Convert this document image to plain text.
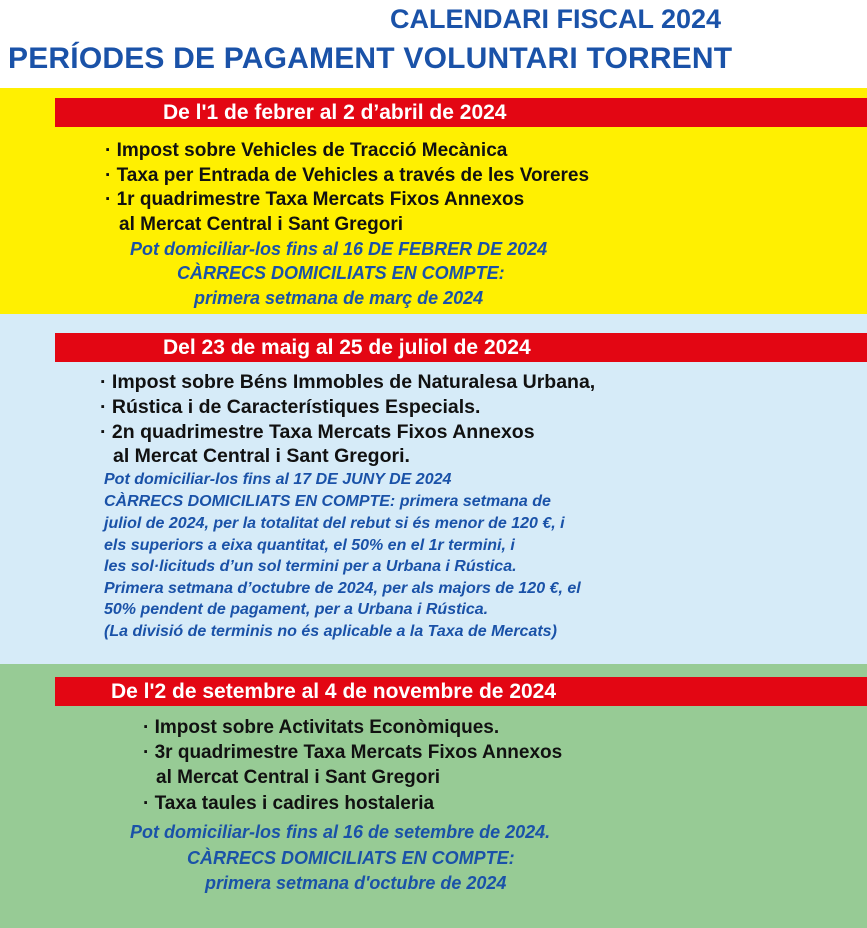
CALENDARI FISCAL 2024
PERÍODES DE PAGAMENT VOLUNTARI TORRENT
De l'1 de febrer al 2 d’abril de 2024
· Impost sobre Vehicles de Tracció Mecànica
· Taxa per Entrada de Vehicles a través de les Voreres
· 1r quadrimestre Taxa Mercats Fixos Annexos
al Mercat Central i Sant Gregori
Pot domiciliar-los fins al 16 DE FEBRER DE 2024
CÀRRECS DOMICILIATS EN COMPTE:
primera setmana de març de 2024
Del 23 de maig al 25 de juliol de 2024
· Impost sobre Béns Immobles de Naturalesa Urbana,
· Rústica i de Característiques Especials.
· 2n quadrimestre Taxa Mercats Fixos Annexos
al Mercat Central i Sant Gregori.
Pot domiciliar-los fins al 17 DE JUNY DE 2024
CÀRRECS DOMICILIATS EN COMPTE: primera setmana de
juliol de 2024, per la totalitat del rebut si és menor de 120 €, i
els superiors a eixa quantitat, el 50% en el 1r termini, i
les sol·licituds d’un sol termini per a Urbana i Rústica.
Primera setmana d’octubre de 2024, per als majors de 120 €, el
50% pendent de pagament, per a Urbana i Rústica.
(La divisió de terminis no és aplicable a la Taxa de Mercats)
De l'2 de setembre al 4 de novembre de 2024
· Impost sobre Activitats Econòmiques.
· 3r quadrimestre Taxa Mercats Fixos Annexos
al Mercat Central i Sant Gregori
· Taxa taules i cadires hostaleria
Pot domiciliar-los fins al 16 de setembre de 2024.
CÀRRECS DOMICILIATS EN COMPTE:
primera setmana d'octubre de 2024
